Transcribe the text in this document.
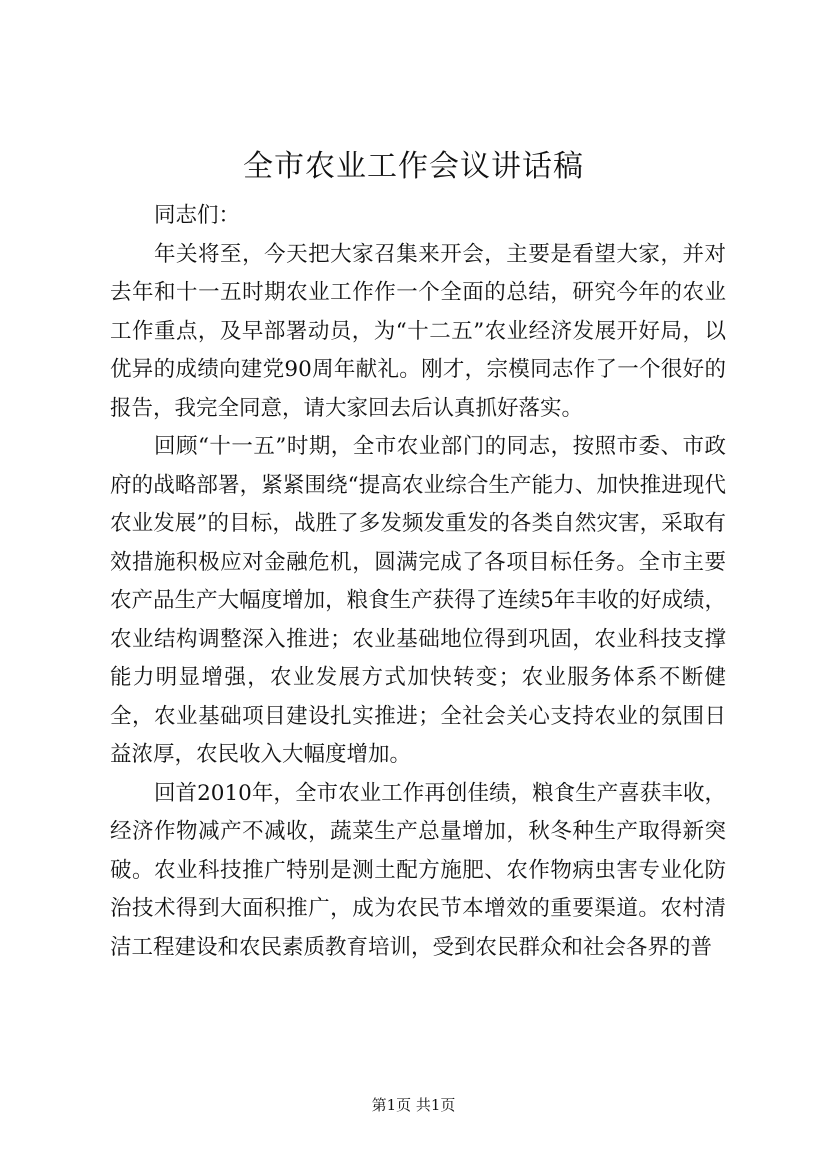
全市农业工作会议讲话稿

同志们：

年关将至，今天把大家召集来开会，主要是看望大家，并对去年和十一五时期农业工作作一个全面的总结，研究今年的农业工作重点，及早部署动员，为“十二五”农业经济发展开好局，以优异的成绩向建党90周年献礼。刚才，宗模同志作了一个很好的报告，我完全同意，请大家回去后认真抓好落实。

回顾“十一五”时期，全市农业部门的同志，按照市委、市政府的战略部署，紧紧围绕“提高农业综合生产能力、加快推进现代农业发展”的目标，战胜了多发频发重发的各类自然灾害，采取有效措施积极应对金融危机，圆满完成了各项目标任务。全市主要农产品生产大幅度增加，粮食生产获得了连续5年丰收的好成绩，农业结构调整深入推进；农业基础地位得到巩固，农业科技支撑能力明显增强，农业发展方式加快转变；农业服务体系不断健全，农业基础项目建设扎实推进；全社会关心支持农业的氛围日益浓厚，农民收入大幅度增加。

回首2010年，全市农业工作再创佳绩，粮食生产喜获丰收，经济作物减产不减收，蔬菜生产总量增加，秋冬种生产取得新突破。农业科技推广特别是测土配方施肥、农作物病虫害专业化防治技术得到大面积推广，成为农民节本增效的重要渠道。农村清洁工程建设和农民素质教育培训，受到农民群众和社会各界的普

第1页 共1页
